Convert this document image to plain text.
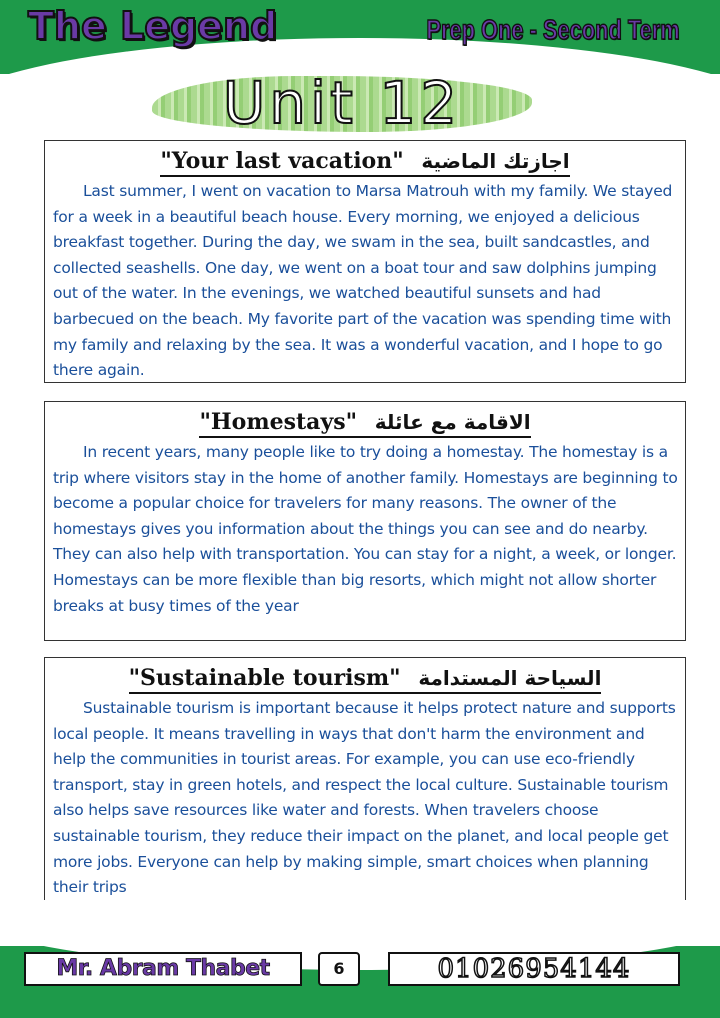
The Legend	Prep One - Second Term
Unit 12
"Your last vacation" اجازتك الماضية

Last summer, I went on vacation to Marsa Matrouh with my family. We stayed for a week in a beautiful beach house. Every morning, we enjoyed a delicious breakfast together. During the day, we swam in the sea, built sandcastles, and collected seashells. One day, we went on a boat tour and saw dolphins jumping out of the water. In the evenings, we watched beautiful sunsets and had barbecued on the beach. My favorite part of the vacation was spending time with my family and relaxing by the sea. It was a wonderful vacation, and I hope to go there again.

"Homestays" الاقامة مع عائلة

In recent years, many people like to try doing a homestay. The homestay is a trip where visitors stay in the home of another family. Homestays are beginning to become a popular choice for travelers for many reasons. The owner of the homestays gives you information about the things you can see and do nearby. They can also help with transportation. You can stay for a night, a week, or longer. Homestays can be more flexible than big resorts, which might not allow shorter breaks at busy times of the year

"Sustainable tourism" السياحة المستدامة

Sustainable tourism is important because it helps protect nature and supports local people. It means travelling in ways that don't harm the environment and help the communities in tourist areas. For example, you can use eco-friendly transport, stay in green hotels, and respect the local culture. Sustainable tourism also helps save resources like water and forests. When travelers choose sustainable tourism, they reduce their impact on the planet, and local people get more jobs. Everyone can help by making simple, smart choices when planning their trips

Mr. Abram Thabet	6	01026954144
